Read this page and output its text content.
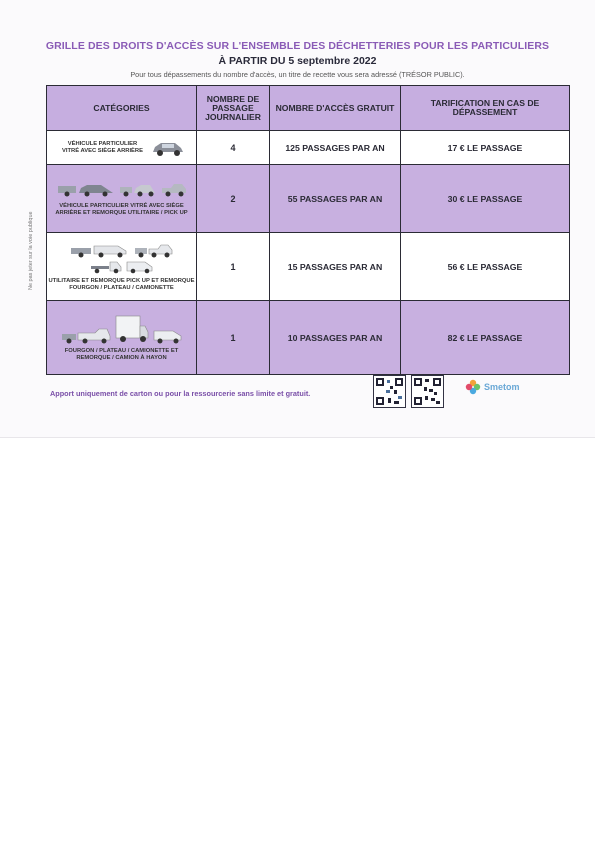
GRILLE DES DROITS D'ACCÈS SUR L'ENSEMBLE DES DÉCHETTERIES POUR LES PARTICULIERS
À PARTIR DU 5 septembre 2022
Pour tous dépassements du nombre d'accès, un titre de recette vous sera adressé (TRÉSOR PUBLIC).
Ne pas jeter sur la voie publique
CATÉGORIES	NOMBRE DE PASSAGE JOURNALIER	NOMBRE D'ACCÈS GRATUIT	TARIFICATION EN CAS DE DÉPASSEMENT

VÉHICULE PARTICULIER VITRÉ AVEC SIÈGE ARRIÈRE	4	125 PASSAGES PAR AN	17 € LE PASSAGE

VÉHICULE PARTICULIER VITRÉ AVEC SIÈGE ARRIÈRE ET REMORQUE UTILITAIRE / PICK UP	2	55 PASSAGES PAR AN	30 € LE PASSAGE

UTILITAIRE ET REMORQUE PICK UP ET REMORQUE FOURGON / PLATEAU / CAMIONETTE	1	15 PASSAGES PAR AN	56 € LE PASSAGE

FOURGON / PLATEAU / CAMIONETTE ET REMORQUE / CAMION À HAYON	1	10 PASSAGES PAR AN	82 € LE PASSAGE
Apport uniquement de carton ou pour la ressourcerie sans limite et gratuit.
Smetom
